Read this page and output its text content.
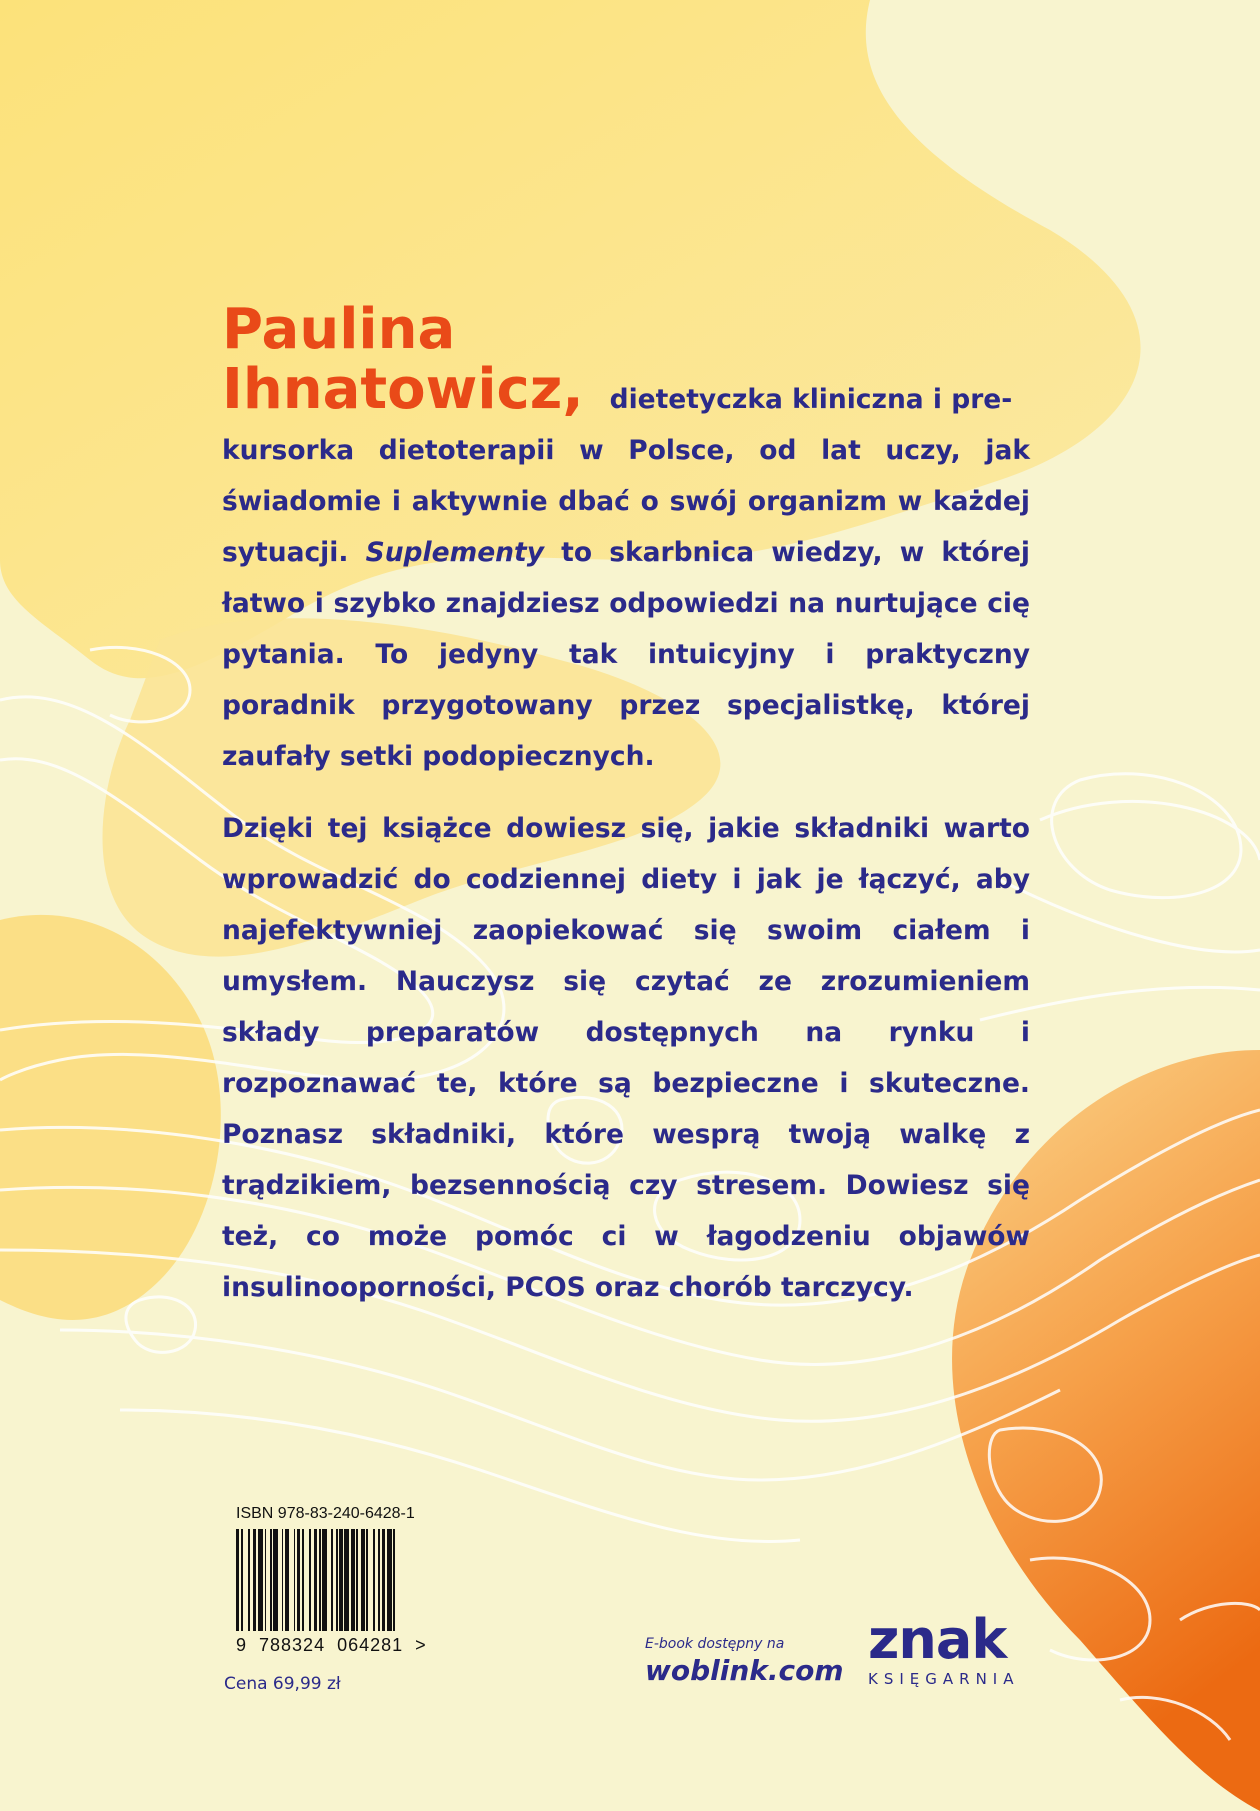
Paulina

Ihnatowicz, dietetyczka kliniczna i pre-

kursorka dietoterapii w Polsce, od lat uczy, jak świadomie i aktywnie dbać o swój organizm w każdej sytuacji. Suplementy to skarbnica wiedzy, w której łatwo i szybko znajdziesz odpowiedzi na nurtujące cię pytania. To jedyny tak intuicyjny i praktyczny poradnik przygotowany przez specjalistkę, której zaufały setki podopiecznych.

Dzięki tej książce dowiesz się, jakie składniki warto wprowadzić do codziennej diety i jak je łączyć, aby najefektywniej zaopiekować się swoim ciałem i umysłem. Nauczysz się czytać ze zrozumieniem składy preparatów dostępnych na rynku i rozpoznawać te, które są bezpieczne i skuteczne. Poznasz składniki, które wesprą twoją walkę z trądzikiem, bezsennością czy stresem. Dowiesz się też, co może pomóc ci w łagodzeniu objawów insulinooporności, PCOS oraz chorób tarczycy.

ISBN 978-83-240-6428-1
9  788324  064281  >
Cena 69,99 zł
E-book dostępny na
woblink.com znak
KSIĘGARNIA
